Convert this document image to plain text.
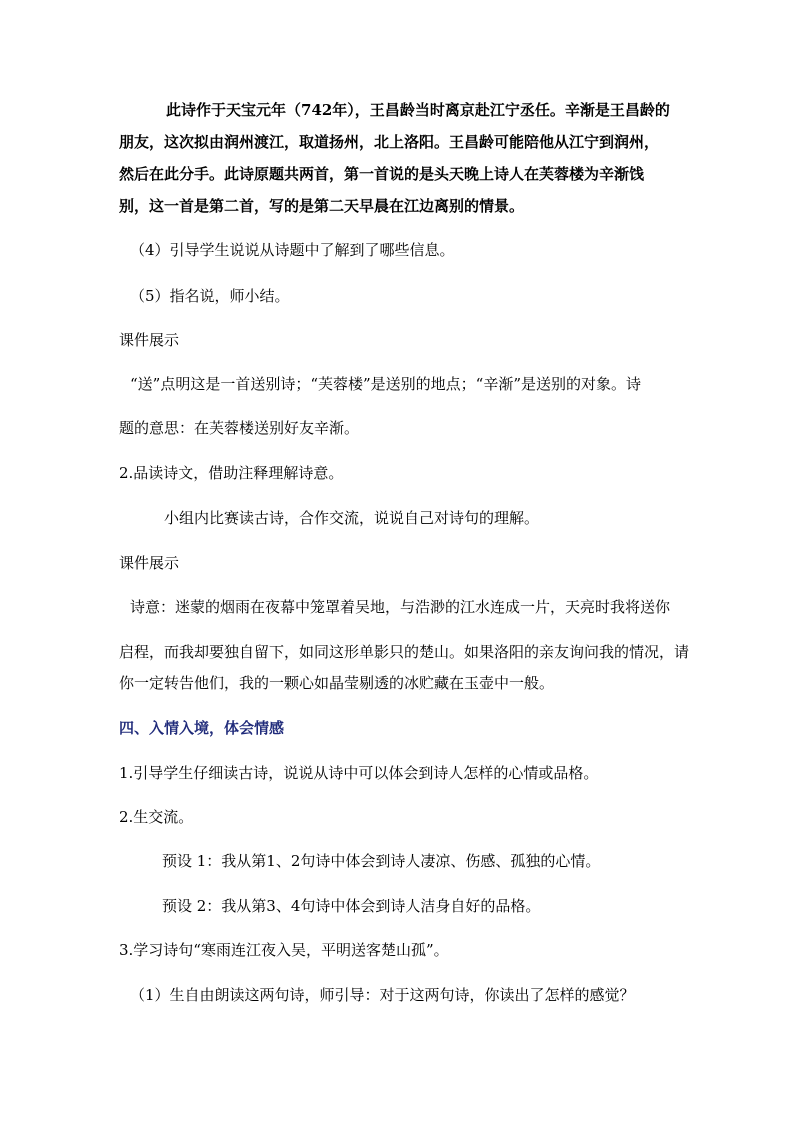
此诗作于天宝元年（742年），王昌龄当时离京赴江宁丞任。辛渐是王昌龄的

朋友，这次拟由润州渡江，取道扬州，北上洛阳。王昌龄可能陪他从江宁到润州，

然后在此分手。此诗原题共两首，第一首说的是头天晚上诗人在芙蓉楼为辛渐饯

别，这一首是第二首，写的是第二天早晨在江边离别的情景。

（4）引导学生说说从诗题中了解到了哪些信息。

（5）指名说，师小结。

课件展示

“送”点明这是一首送别诗；“芙蓉楼”是送别的地点；“辛渐”是送别的对象。诗

题的意思：在芙蓉楼送别好友辛渐。

2.品读诗文，借助注释理解诗意。

小组内比赛读古诗，合作交流，说说自己对诗句的理解。

课件展示

诗意：迷蒙的烟雨在夜幕中笼罩着吴地，与浩渺的江水连成一片，天亮时我将送你

启程，而我却要独自留下，如同这形单影只的楚山。如果洛阳的亲友询问我的情况，请

你一定转告他们，我的一颗心如晶莹剔透的冰贮藏在玉壶中一般。

四、入情入境，体会情感

1.引导学生仔细读古诗，说说从诗中可以体会到诗人怎样的心情或品格。

2.生交流。

预设 1：我从第1、2句诗中体会到诗人凄凉、伤感、孤独的心情。

预设 2：我从第3、4句诗中体会到诗人洁身自好的品格。

3.学习诗句“寒雨连江夜入吴，平明送客楚山孤”。

（1）生自由朗读这两句诗，师引导：对于这两句诗，你读出了怎样的感觉？
